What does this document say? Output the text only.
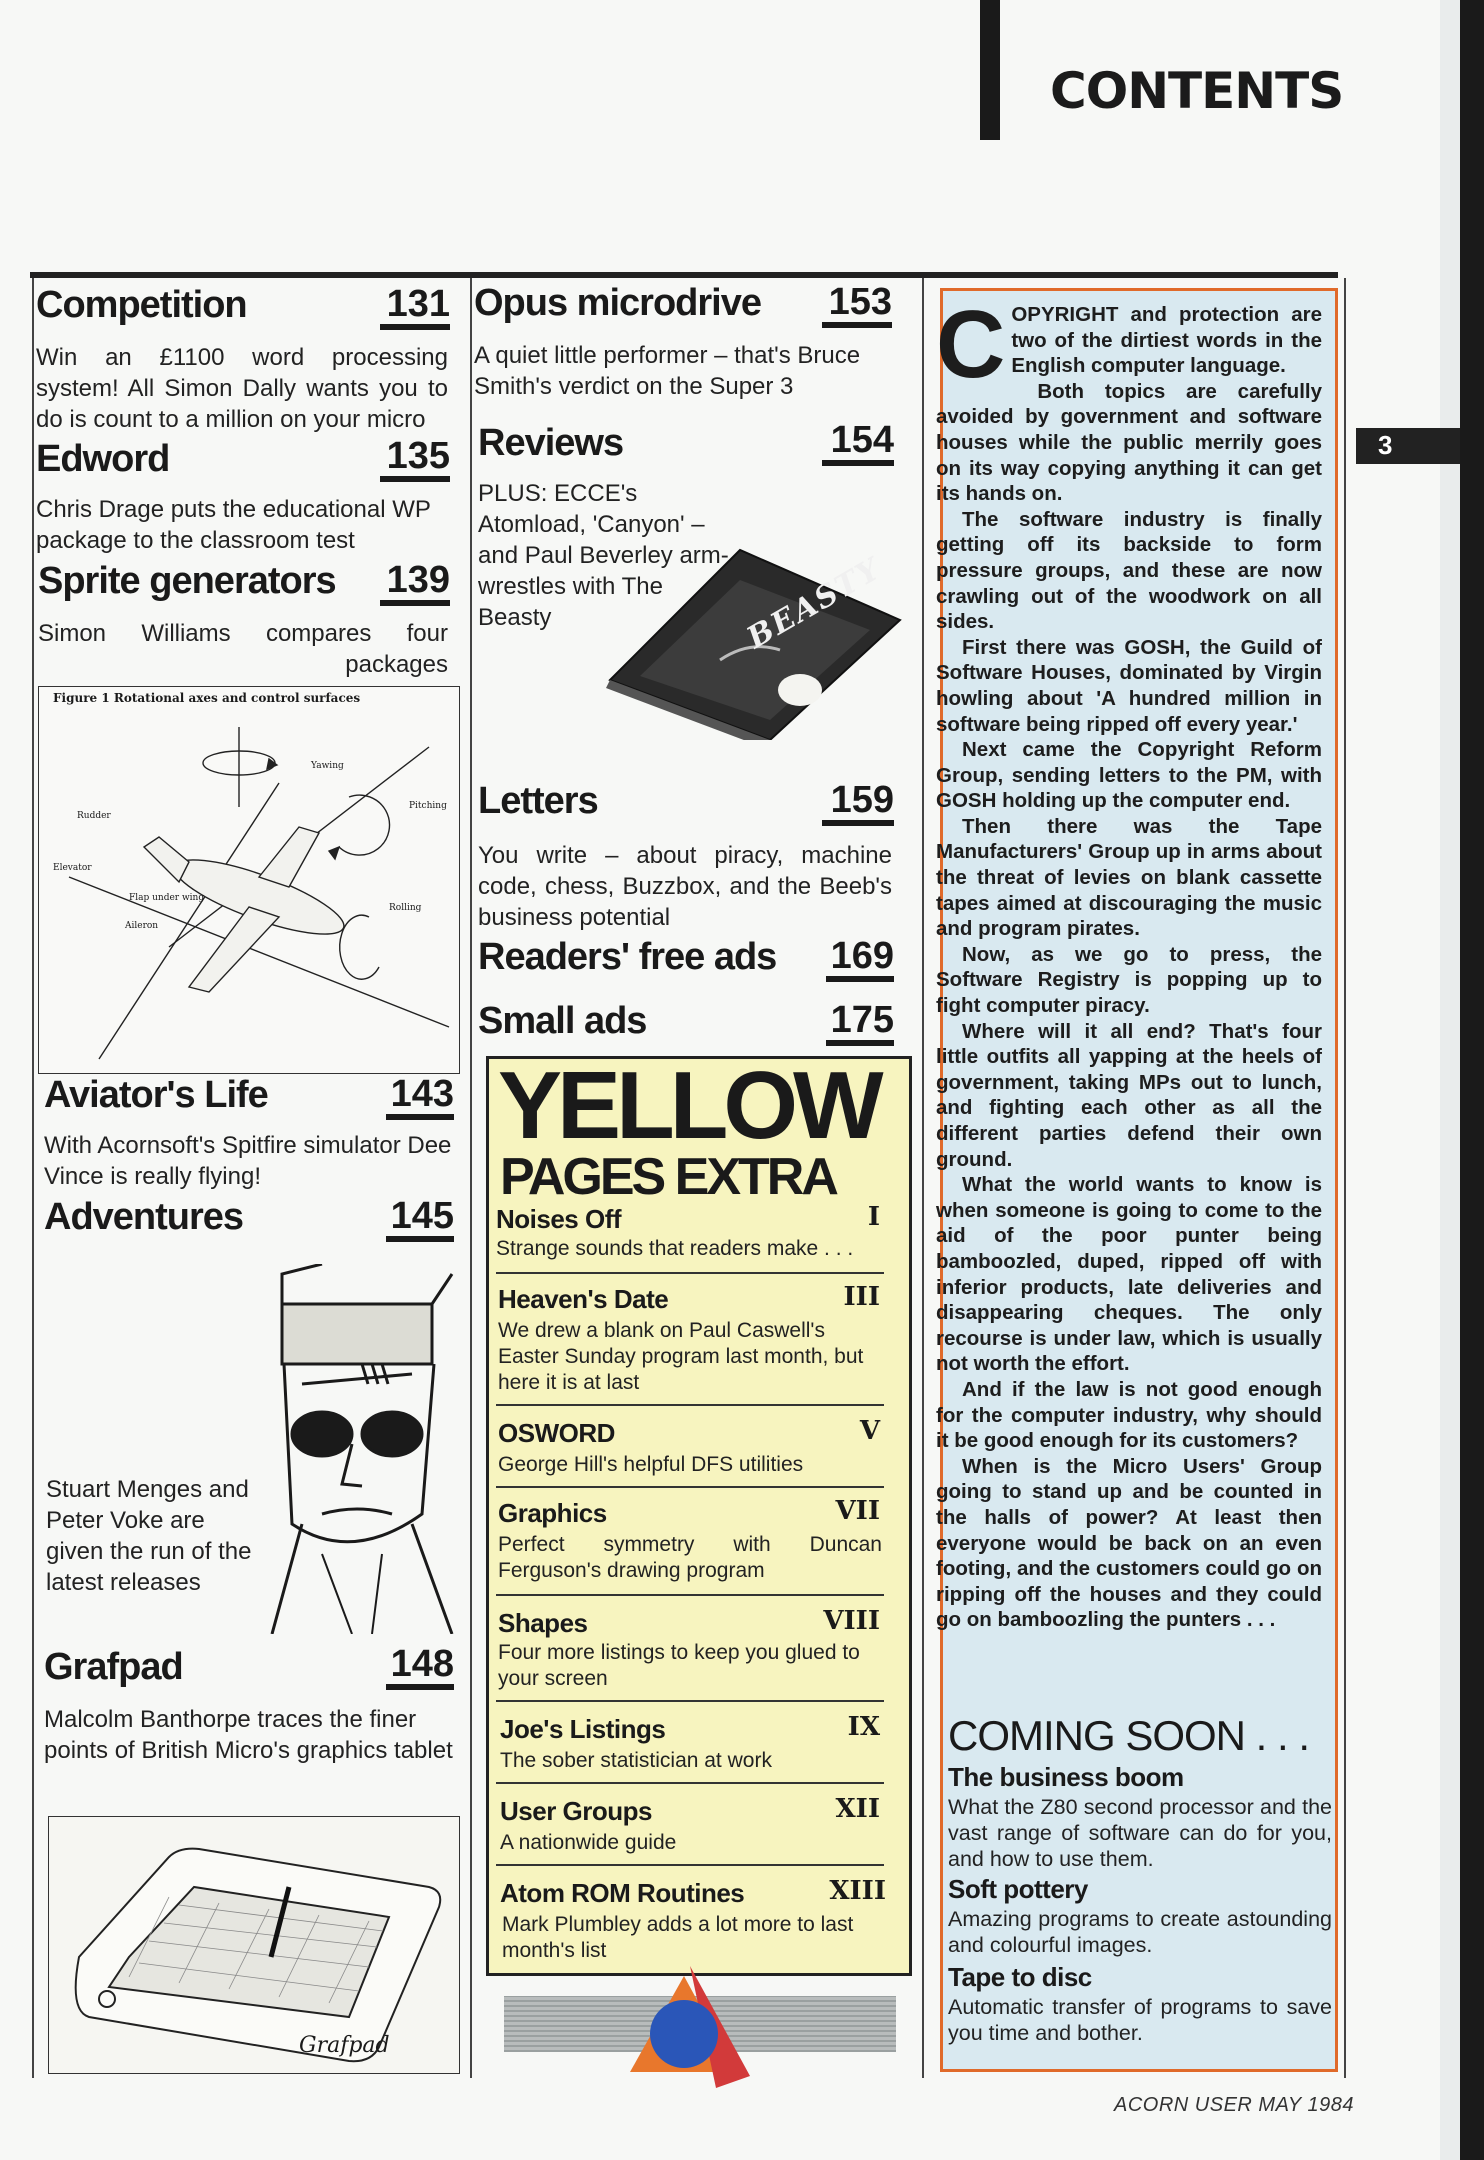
CONTENTS
3
Competition	131
Win an £1100 word processing system! All Simon Dally wants you to do is count to a million on your micro
Edword	135
Chris Drage puts the educational WP package to the classroom test
Sprite generators 139
Simon Williams compares four packages
Figure 1 Rotational axes and control surfaces
Yawing
Pitching
Rudder
Elevator
Flap under wing
Aileron
Rolling
Aviator's Life	143
With Acornsoft's Spitfire simulator Dee Vince is really flying!
Adventures	145
Stuart Menges and Peter Voke are given the run of the latest releases
Grafpad	148
Malcolm Banthorpe traces the finer points of British Micro's graphics tablet
Grafpad
Opus microdrive 153
A quiet little performer – that's Bruce Smith's verdict on the Super 3
Reviews	154
PLUS: ECCE's Atomload, 'Canyon' – and Paul Beverley arm-wrestles with The Beasty	BEASTY
Letters	159
You write – about piracy, machine code, chess, Buzzbox, and the Beeb's business potential
Readers' free ads 169
Small ads	175
YELLOW
PAGES EXTRA
Noises Off	I
Strange sounds that readers make . . .
Heaven's Date	III
We drew a blank on Paul Caswell's Easter Sunday program last month, but here it is at last
OSWORD	V
George Hill's helpful DFS utilities
Graphics	VII
Perfect symmetry with Duncan Ferguson's drawing program
Shapes	VIII
Four more listings to keep you glued to your screen
Joe's Listings	IX
The sober statistician at work
User Groups	XII
A nationwide guide
Atom ROM Routines	XIII
Mark Plumbley adds a lot more to last month's list
C OPYRIGHT and protection are two of the dirtiest words in the English computer language.

Both topics are carefully avoided by government and software houses while the public merrily goes on its way copying anything it can get its hands on.

The software industry is finally getting off its backside to form pressure groups, and these are now crawling out of the woodwork on all sides.

First there was GOSH, the Guild of Software Houses, dominated by Virgin howling about 'A hundred million in software being ripped off every year.'

Next came the Copyright Reform Group, sending letters to the PM, with GOSH holding up the computer end.

Then there was the Tape Manufacturers' Group up in arms about the threat of levies on blank cassette tapes aimed at discouraging the music and program pirates.

Now, as we go to press, the Software Registry is popping up to fight computer piracy.

Where will it all end? That's four little outfits all yapping at the heels of government, taking MPs out to lunch, and fighting each other as all the different parties defend their own ground.

What the world wants to know is when someone is going to come to the aid of the poor punter being bamboozled, duped, ripped off with inferior products, late deliveries and disappearing cheques. The only recourse is under law, which is usually not worth the effort.

And if the law is not good enough for the computer industry, why should it be good enough for its customers?

When is the Micro Users' Group going to stand up and be counted in the halls of power? At least then everyone would be back on an even footing, and the customers could go on ripping off the houses and they could go on bamboozling the punters . . .

COMING SOON . . .
The business boom
What the Z80 second processor and the vast range of software can do for you, and how to use them.
Soft pottery
Amazing programs to create astounding and colourful images.
Tape to disc
Automatic transfer of programs to save you time and bother.
ACORN USER MAY 1984
